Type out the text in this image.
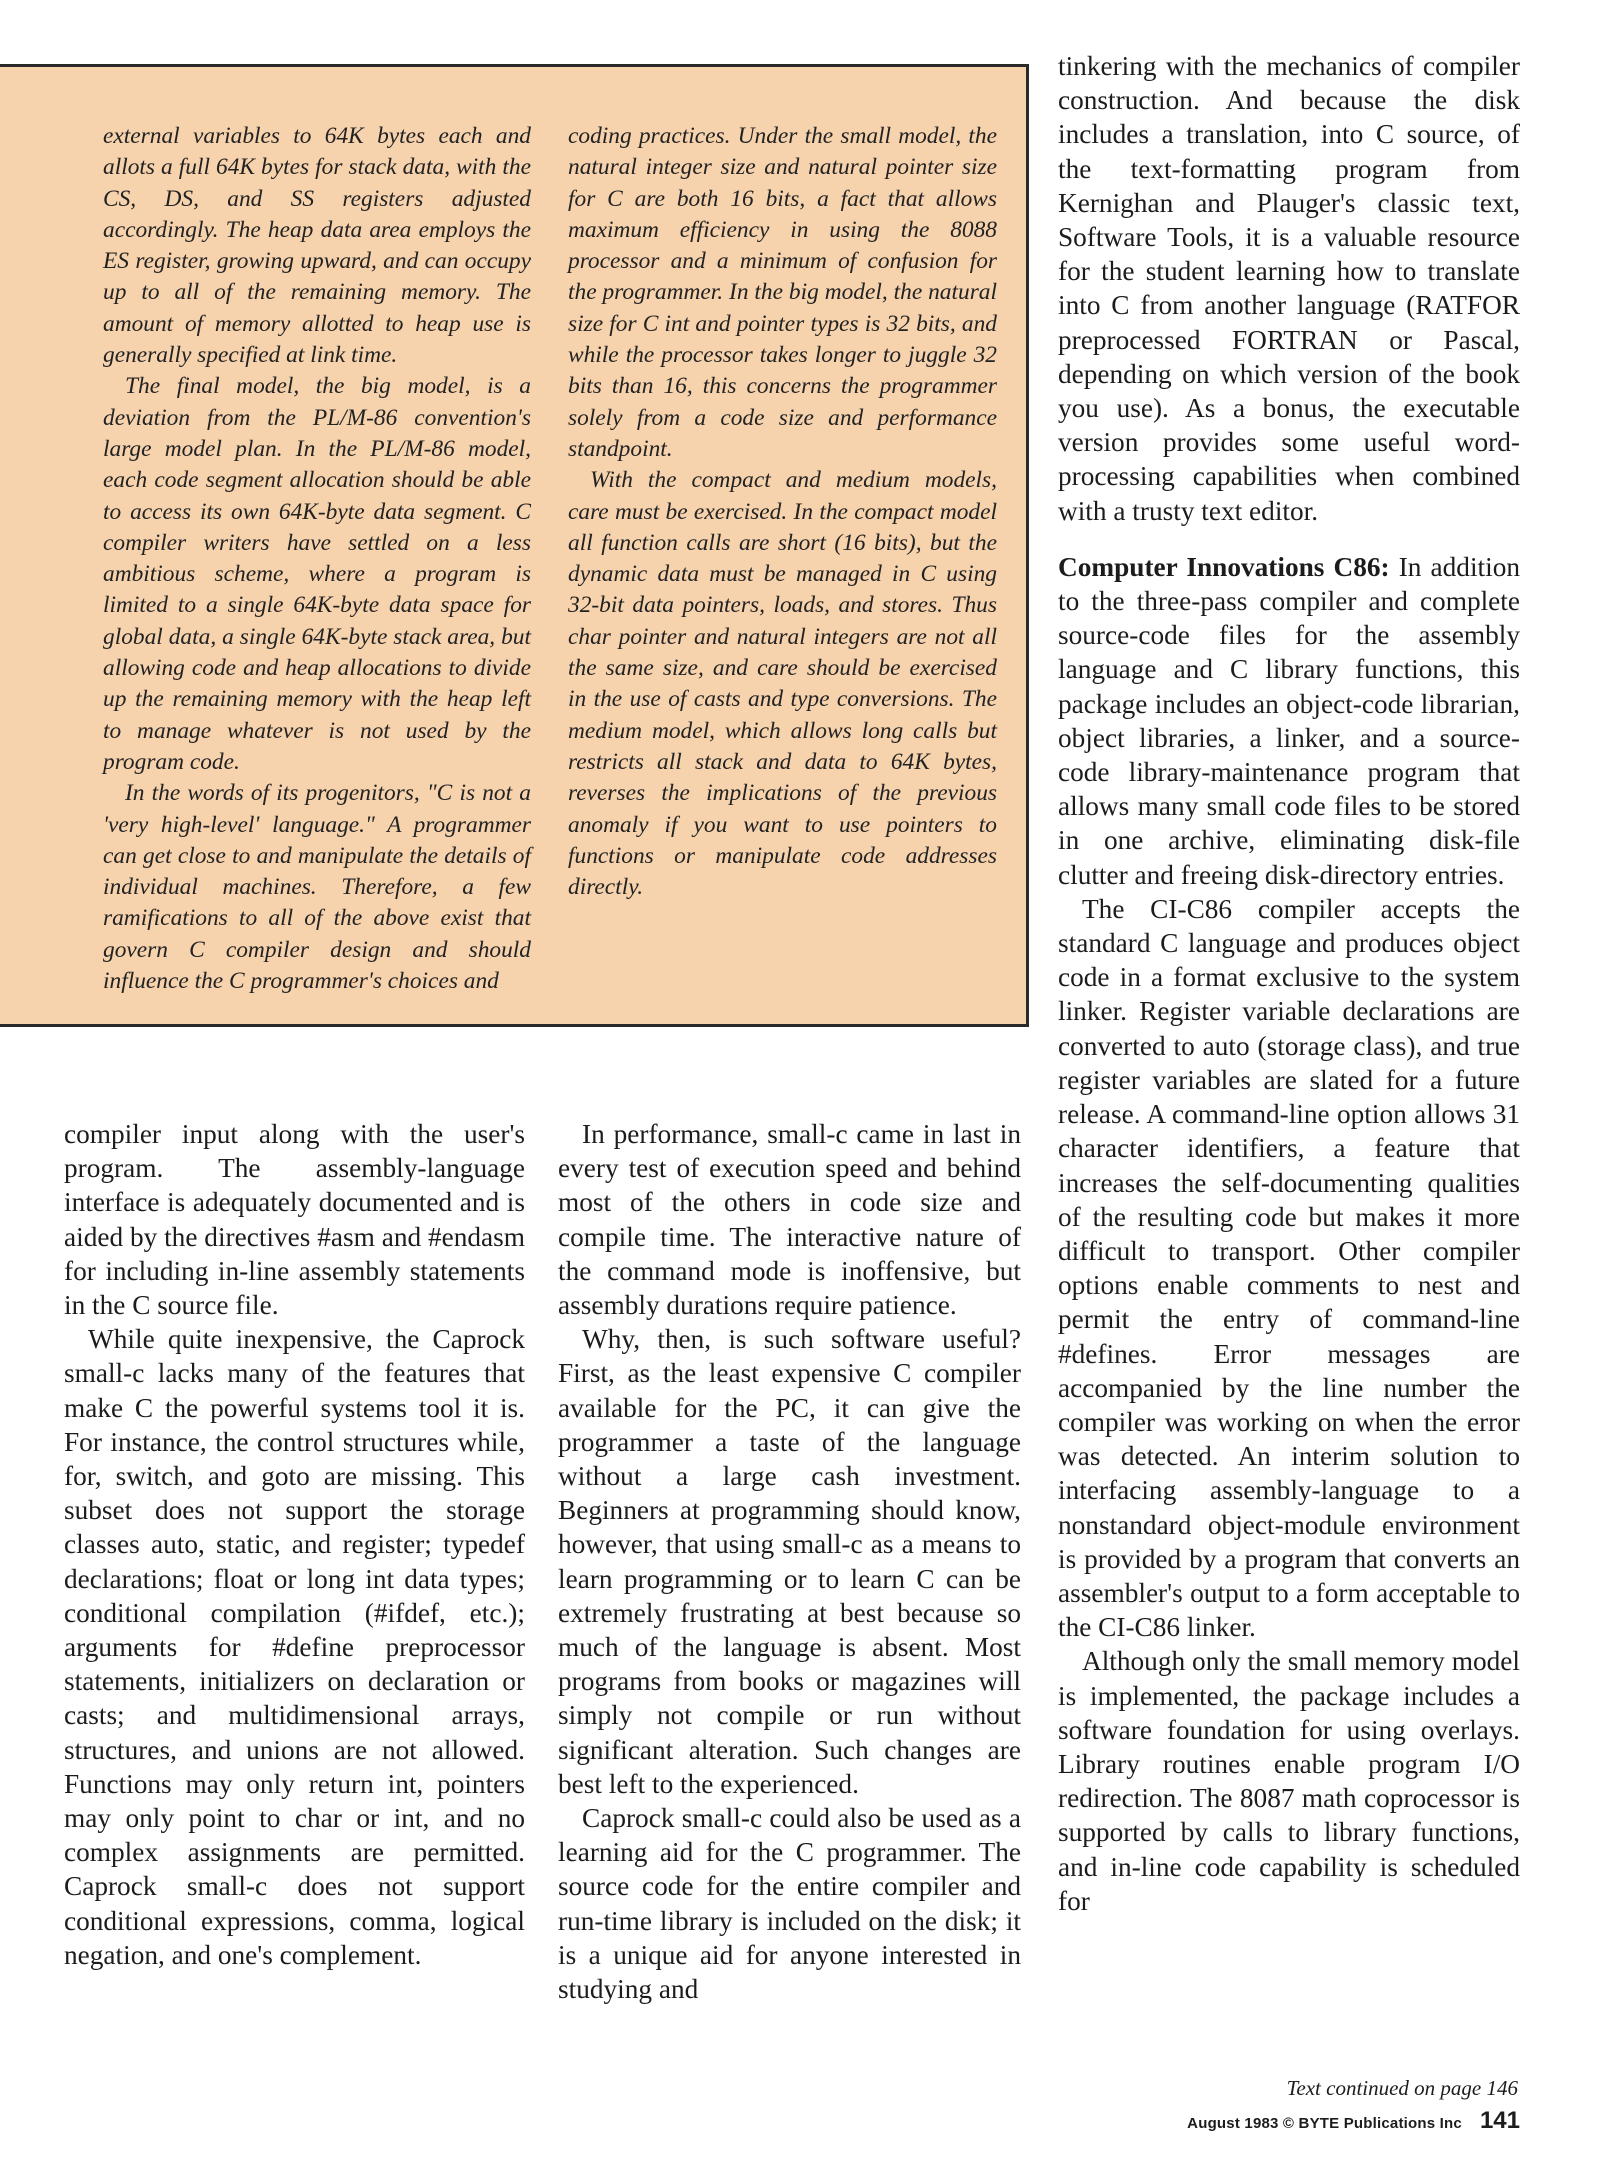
external variables to 64K bytes each and allots a full 64K bytes for stack data, with the CS, DS, and SS registers adjusted accordingly. The heap data area employs the ES register, growing upward, and can occupy up to all of the remaining memory. The amount of memory allotted to heap use is generally specified at link time.

The final model, the big model, is a deviation from the PL/M-86 convention's large model plan. In the PL/M-86 model, each code segment allocation should be able to access its own 64K-byte data segment. C compiler writers have settled on a less ambitious scheme, where a program is limited to a single 64K-byte data space for global data, a single 64K-byte stack area, but allowing code and heap allocations to divide up the remaining memory with the heap left to manage whatever is not used by the program code.

In the words of its progenitors, "C is not a 'very high-level' language." A programmer can get close to and manipulate the details of individual machines. Therefore, a few ramifications to all of the above exist that govern C compiler design and should influence the C programmer's choices and

coding practices. Under the small model, the natural integer size and natural pointer size for C are both 16 bits, a fact that allows maximum efficiency in using the 8088 processor and a minimum of confusion for the programmer. In the big model, the natural size for C int and pointer types is 32 bits, and while the processor takes longer to juggle 32 bits than 16, this concerns the programmer solely from a code size and performance standpoint.

With the compact and medium models, care must be exercised. In the compact model all function calls are short (16 bits), but the dynamic data must be managed in C using 32-bit data pointers, loads, and stores. Thus char pointer and natural integers are not all the same size, and care should be exercised in the use of casts and type conversions. The medium model, which allows long calls but restricts all stack and data to 64K bytes, reverses the implications of the previous anomaly if you want to use pointers to functions or manipulate code addresses directly.

compiler input along with the user's program. The assembly-language interface is adequately documented and is aided by the directives #asm and #endasm for including in-line assembly statements in the C source file.

While quite inexpensive, the Caprock small-c lacks many of the features that make C the powerful systems tool it is. For instance, the control structures while, for, switch, and goto are missing. This subset does not support the storage classes auto, static, and register; typedef declarations; float or long int data types; conditional compilation (#ifdef, etc.); arguments for #define preprocessor statements, initializers on declaration or casts; and multidimensional arrays, structures, and unions are not allowed. Functions may only return int, pointers may only point to char or int, and no complex assignments are permitted. Caprock small-c does not support conditional expressions, comma, logical negation, and one's complement.

In performance, small-c came in last in every test of execution speed and behind most of the others in code size and compile time. The interactive nature of the command mode is inoffensive, but assembly durations require patience.

Why, then, is such software useful? First, as the least expensive C compiler available for the PC, it can give the programmer a taste of the language without a large cash investment. Beginners at programming should know, however, that using small-c as a means to learn programming or to learn C can be extremely frustrating at best because so much of the language is absent. Most programs from books or magazines will simply not compile or run without significant alteration. Such changes are best left to the experienced.

Caprock small-c could also be used as a learning aid for the C programmer. The source code for the entire compiler and run-time library is included on the disk; it is a unique aid for anyone interested in studying and

tinkering with the mechanics of compiler construction. And because the disk includes a translation, into C source, of the text-formatting program from Kernighan and Plauger's classic text, Software Tools, it is a valuable resource for the student learning how to translate into C from another language (RATFOR preprocessed FORTRAN or Pascal, depending on which version of the book you use). As a bonus, the executable version provides some useful word-processing capabilities when combined with a trusty text editor.

Computer Innovations C86: In addition to the three-pass compiler and complete source-code files for the assembly language and C library functions, this package includes an object-code librarian, object libraries, a linker, and a source-code library-maintenance program that allows many small code files to be stored in one archive, eliminating disk-file clutter and freeing disk-directory entries.

The CI-C86 compiler accepts the standard C language and produces object code in a format exclusive to the system linker. Register variable declarations are converted to auto (storage class), and true register variables are slated for a future release. A command-line option allows 31 character identifiers, a feature that increases the self-documenting qualities of the resulting code but makes it more difficult to transport. Other compiler options enable comments to nest and permit the entry of command-line #defines. Error messages are accompanied by the line number the compiler was working on when the error was detected. An interim solution to interfacing assembly-language to a nonstandard object-module environment is provided by a program that converts an assembler's output to a form acceptable to the CI-C86 linker.

Although only the small memory model is implemented, the package includes a software foundation for using overlays. Library routines enable program I/O redirection. The 8087 math coprocessor is supported by calls to library functions, and in-line code capability is scheduled for

Text continued on page 146
August 1983 © BYTE Publications Inc 141
